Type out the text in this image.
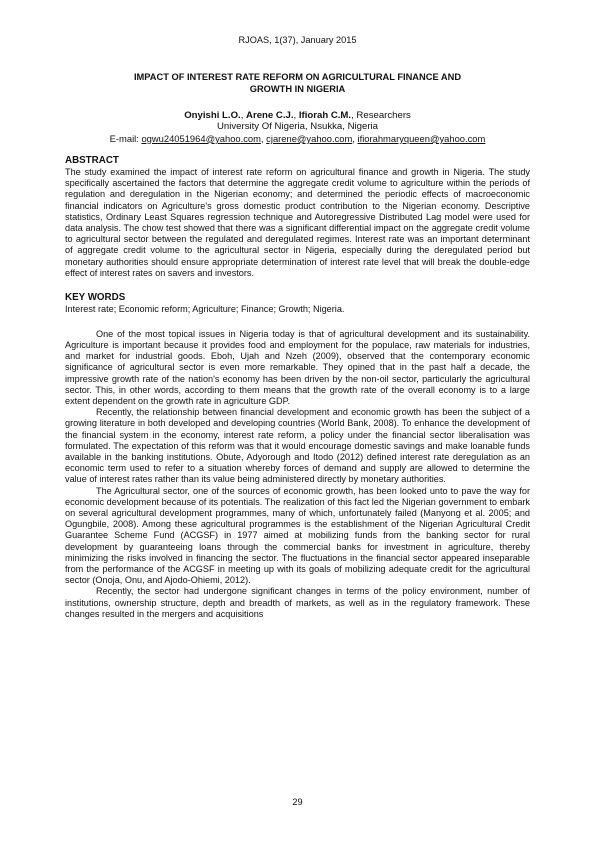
RJOAS, 1(37), January 2015
IMPACT OF INTEREST RATE REFORM ON AGRICULTURAL FINANCE AND
GROWTH IN NIGERIA
Onyishi L.O., Arene C.J., Ifiorah C.M., Researchers
University Of Nigeria, Nsukka, Nigeria
E-mail: ogwu24051964@yahoo.com, cjarene@yahoo.com, ifiorahmaryqueen@yahoo.com
ABSTRACT

The study examined the impact of interest rate reform on agricultural finance and growth in Nigeria. The study specifically ascertained the factors that determine the aggregate credit volume to agriculture within the periods of regulation and deregulation in the Nigerian economy; and determined the periodic effects of macroeconomic financial indicators on Agriculture's gross domestic product contribution to the Nigerian economy. Descriptive statistics, Ordinary Least Squares regression technique and Autoregressive Distributed Lag model were used for data analysis. The chow test showed that there was a significant differential impact on the aggregate credit volume to agricultural sector between the regulated and deregulated regimes. Interest rate was an important determinant of aggregate credit volume to the agricultural sector in Nigeria, especially during the deregulated period but monetary authorities should ensure appropriate determination of interest rate level that will break the double-edge effect of interest rates on savers and investors.

KEY WORDS

Interest rate; Economic reform; Agriculture; Finance; Growth; Nigeria.

One of the most topical issues in Nigeria today is that of agricultural development and its sustainability. Agriculture is important because it provides food and employment for the populace, raw materials for industries, and market for industrial goods. Eboh, Ujah and Nzeh (2009), observed that the contemporary economic significance of agricultural sector is even more remarkable. They opined that in the past half a decade, the impressive growth rate of the nation's economy has been driven by the non-oil sector, particularly the agricultural sector. This, in other words, according to them means that the growth rate of the overall economy is to a large extent dependent on the growth rate in agriculture GDP.

Recently, the relationship between financial development and economic growth has been the subject of a growing literature in both developed and developing countries (World Bank, 2008). To enhance the development of the financial system in the economy, interest rate reform, a policy under the financial sector liberalisation was formulated. The expectation of this reform was that it would encourage domestic savings and make loanable funds available in the banking institutions. Obute, Adyorough and Itodo (2012) defined interest rate deregulation as an economic term used to refer to a situation whereby forces of demand and supply are allowed to determine the value of interest rates rather than its value being administered directly by monetary authorities.

The Agricultural sector, one of the sources of economic growth, has been looked unto to pave the way for economic development because of its potentials. The realization of this fact led the Nigerian government to embark on several agricultural development programmes, many of which, unfortunately failed (Manyong et al. 2005; and Ogungbile, 2008). Among these agricultural programmes is the establishment of the Nigerian Agricultural Credit Guarantee Scheme Fund (ACGSF) in 1977 aimed at mobilizing funds from the banking sector for rural development by guaranteeing loans through the commercial banks for investment in agriculture, thereby minimizing the risks involved in financing the sector. The fluctuations in the financial sector appeared inseparable from the performance of the ACGSF in meeting up with its goals of mobilizing adequate credit for the agricultural sector (Onoja, Onu, and Ajodo-Ohiemi, 2012).

Recently, the sector had undergone significant changes in terms of the policy environment, number of institutions, ownership structure, depth and breadth of markets, as well as in the regulatory framework. These changes resulted in the mergers and acquisitions

29
